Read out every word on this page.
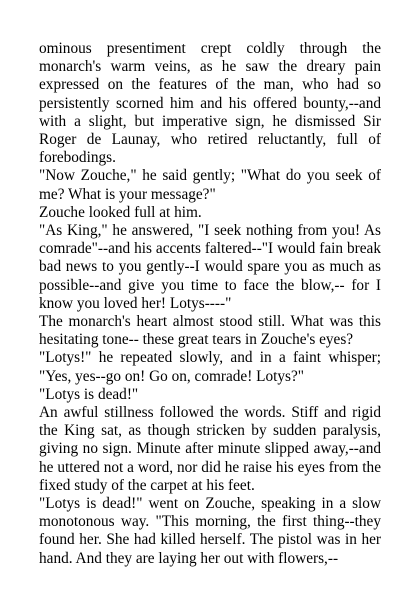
ominous presentiment crept coldly through the monarch's warm veins, as he saw the dreary pain expressed on the features of the man, who had so persistently scorned him and his offered bounty,--and with a slight, but imperative sign, he dismissed Sir Roger de Launay, who retired reluctantly, full of forebodings.

"Now Zouche," he said gently; "What do you seek of me? What is your message?"

Zouche looked full at him.

"As King," he answered, "I seek nothing from you! As comrade"--and his accents faltered--"I would fain break bad news to you gently--I would spare you as much as possible--and give you time to face the blow,-- for I know you loved her! Lotys----"

The monarch's heart almost stood still. What was this hesitating tone-- these great tears in Zouche's eyes?

"Lotys!" he repeated slowly, and in a faint whisper; "Yes, yes--go on! Go on, comrade! Lotys?"

"Lotys is dead!"

An awful stillness followed the words. Stiff and rigid the King sat, as though stricken by sudden paralysis, giving no sign. Minute after minute slipped away,--and he uttered not a word, nor did he raise his eyes from the fixed study of the carpet at his feet.

"Lotys is dead!" went on Zouche, speaking in a slow monotonous way. "This morning, the first thing--they found her. She had killed herself. The pistol was in her hand. And they are laying her out with flowers,--
